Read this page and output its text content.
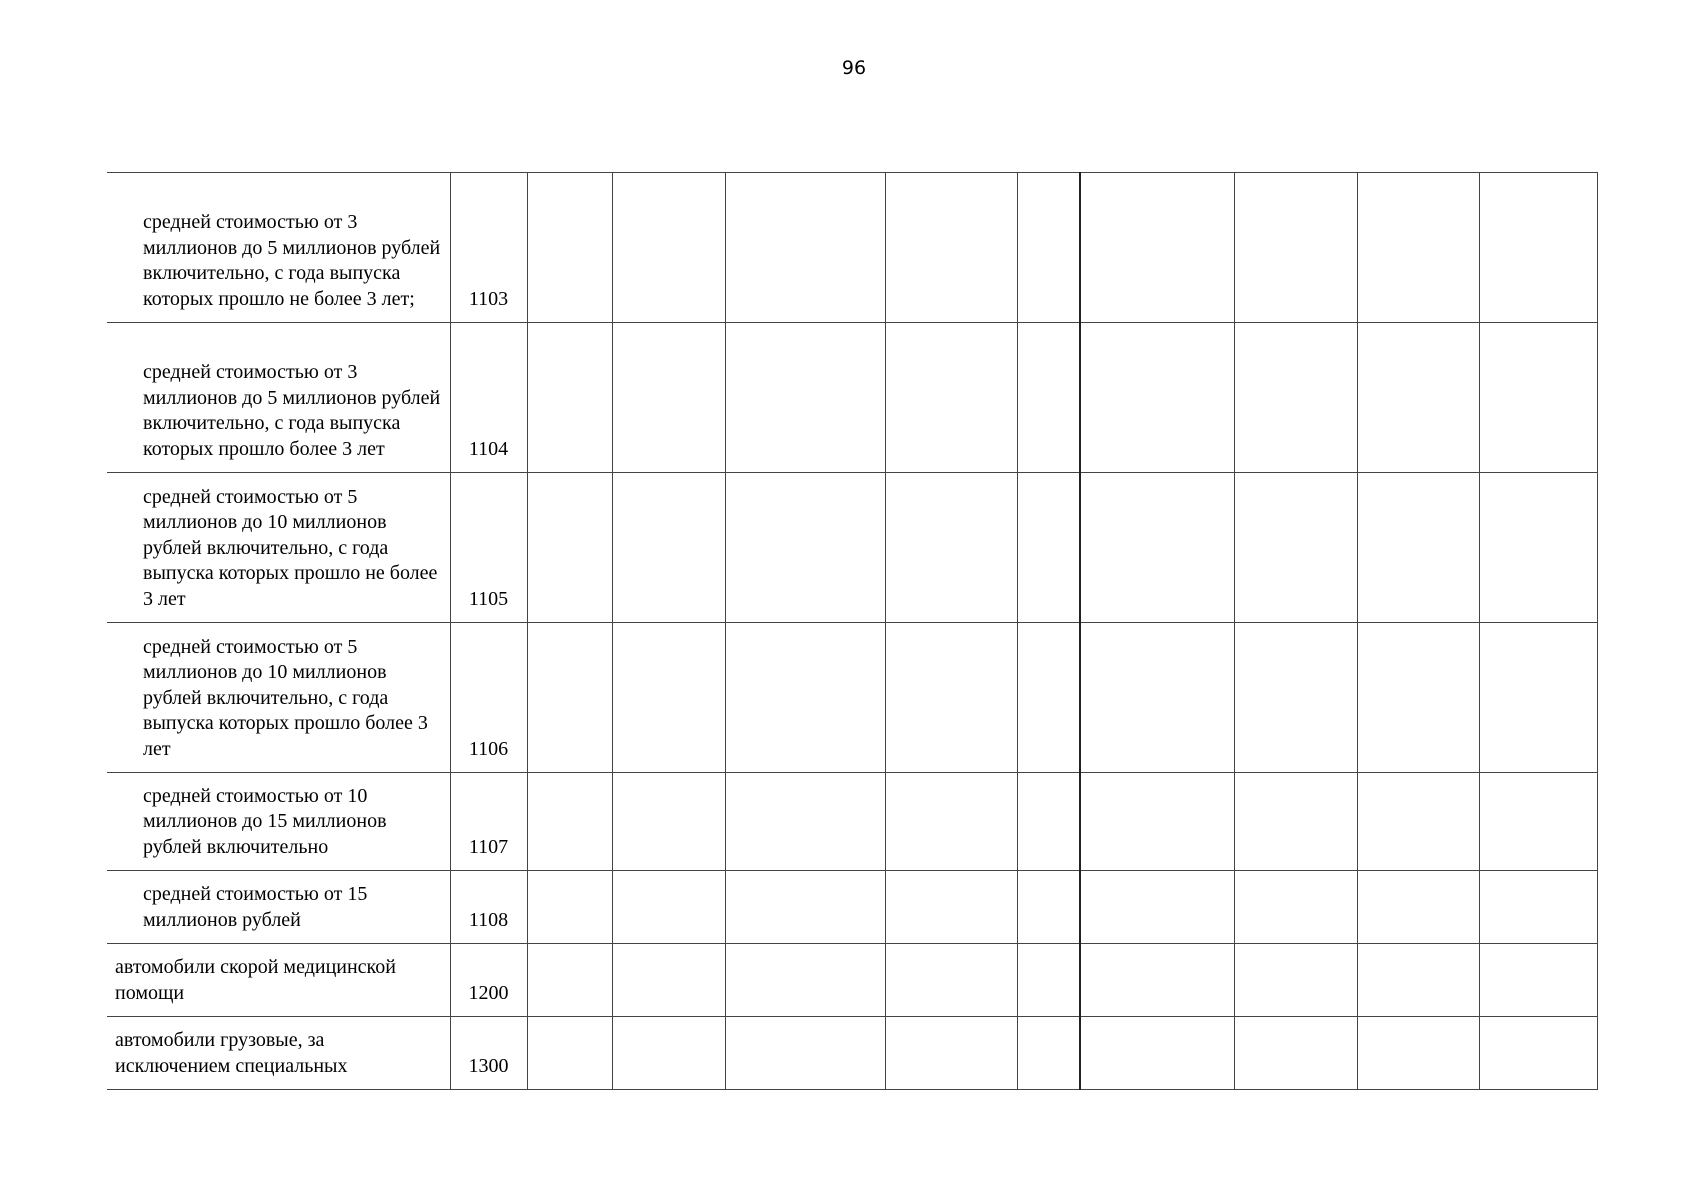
96
средней стоимостью от 3 миллионов до 5 миллионов рублей включительно, с года выпуска которых прошло не более 3 лет;	1103									
средней стоимостью от 3 миллионов до 5 миллионов рублей включительно, с года выпуска которых прошло более 3 лет	1104									
средней стоимостью от 5 миллионов до 10 миллионов рублей включительно, с года выпуска которых прошло не более 3 лет	1105									
средней стоимостью от 5 миллионов до 10 миллионов рублей включительно, с года выпуска которых прошло более 3 лет	1106									
средней стоимостью от 10 миллионов до 15 миллионов рублей включительно	1107									
средней стоимостью от 15 миллионов рублей	1108									
автомобили скорой медицинской помощи	1200									
автомобили грузовые, за исключением специальных	1300									
